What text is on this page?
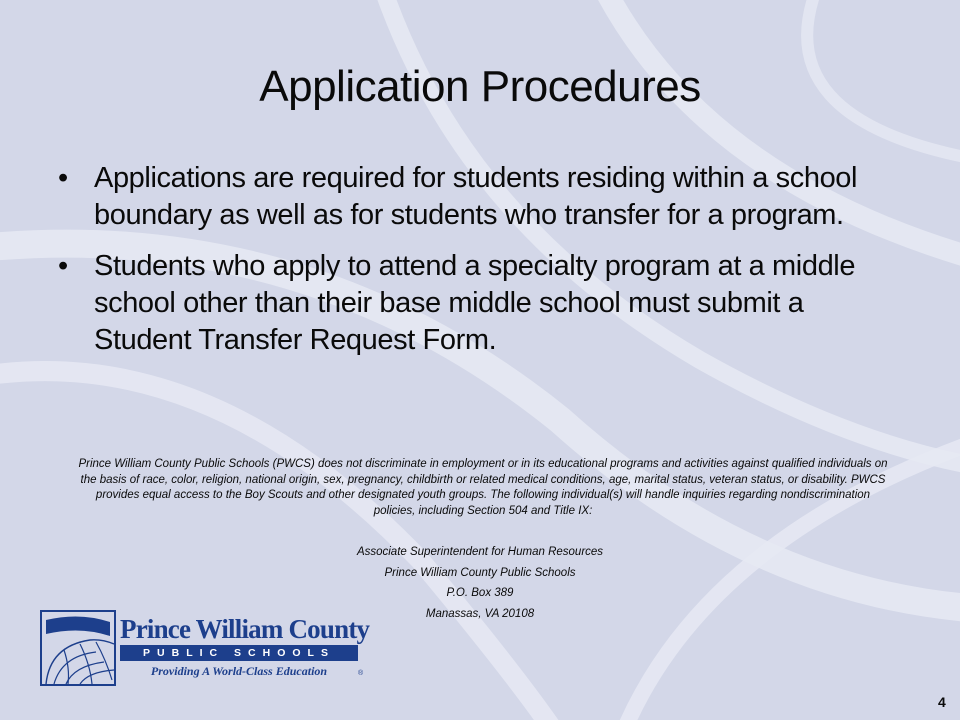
Application Procedures
• Applications are required for students residing within a school boundary as well as for students who transfer for a program.
• Students who apply to attend a specialty program at a middle school other than their base middle school must submit a Student Transfer Request Form.
Prince William County Public Schools (PWCS) does not discriminate in employment or in its educational programs and activities against qualified individuals on the basis of race, color, religion, national origin, sex, pregnancy, childbirth or related medical conditions, age, marital status, veteran status, or disability. PWCS provides equal access to the Boy Scouts and other designated youth groups. The following individual(s) will handle inquiries regarding nondiscrimination policies, including Section 504 and Title IX:
Associate Superintendent for Human Resources
Prince William County Public Schools
P.O. Box 389
Manassas, VA 20108
Prince William County
PUBLIC SCHOOLS
Providing A World-Class Education	®
4
